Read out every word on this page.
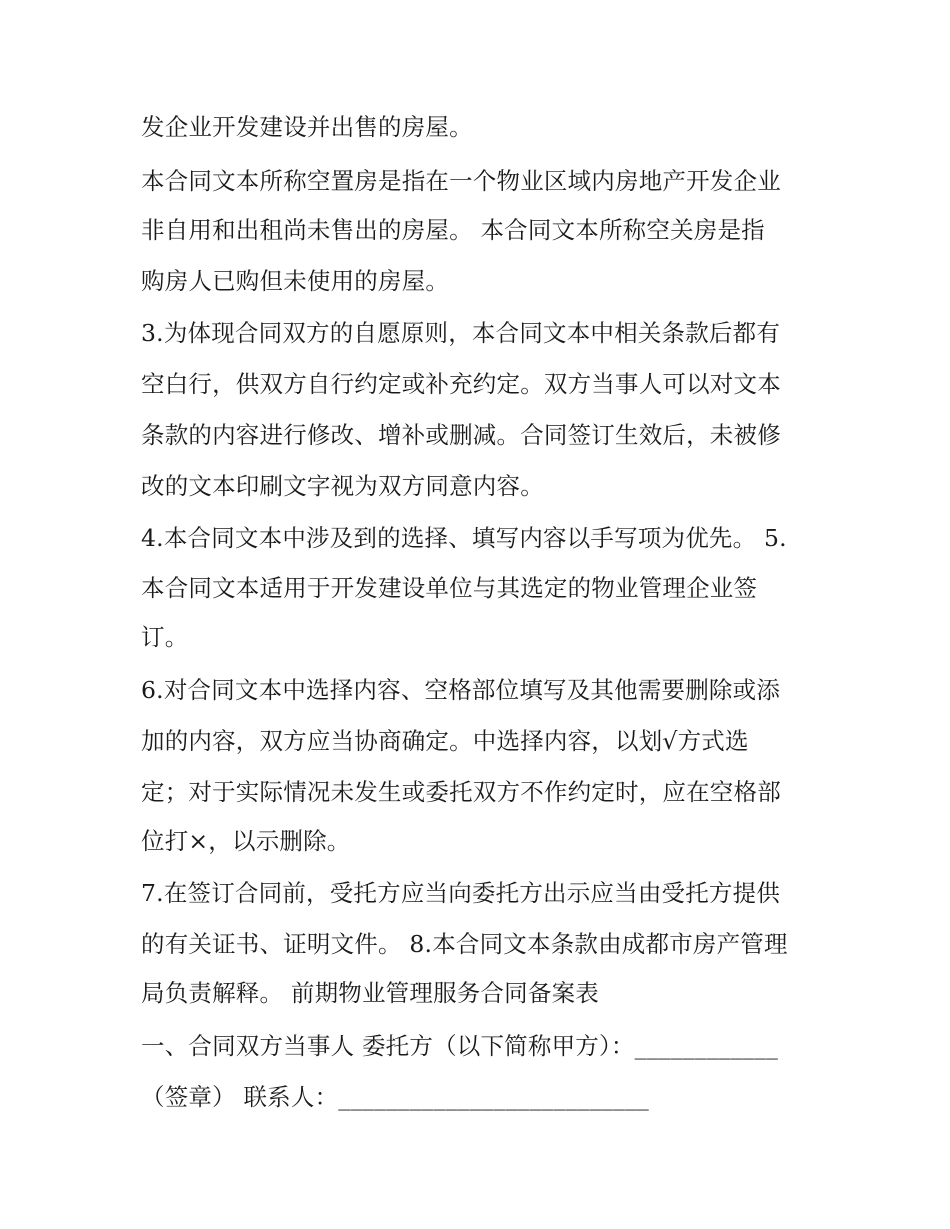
发企业开发建设并出售的房屋。
本合同文本所称空置房是指在一个物业区域内房地产开发企业
非自用和出租尚未售出的房屋。 本合同文本所称空关房是指
购房人已购但未使用的房屋。
3.为体现合同双方的自愿原则，本合同文本中相关条款后都有
空白行，供双方自行约定或补充约定。双方当事人可以对文本
条款的内容进行修改、增补或删减。合同签订生效后，未被修
改的文本印刷文字视为双方同意内容。
4.本合同文本中涉及到的选择、填写内容以手写项为优先。 5.
本合同文本适用于开发建设单位与其选定的物业管理企业签
订。
6.对合同文本中选择内容、空格部位填写及其他需要删除或添
加的内容，双方应当协商确定。中选择内容，以划√方式选
定；对于实际情况未发生或委托双方不作约定时，应在空格部
位打×，以示删除。
7.在签订合同前，受托方应当向委托方出示应当由受托方提供
的有关证书、证明文件。 8.本合同文本条款由成都市房产管理
局负责解释。 前期物业管理服务合同备案表
一、合同双方当事人 委托方（以下简称甲方）：____________
（签章） 联系人：__________________________
